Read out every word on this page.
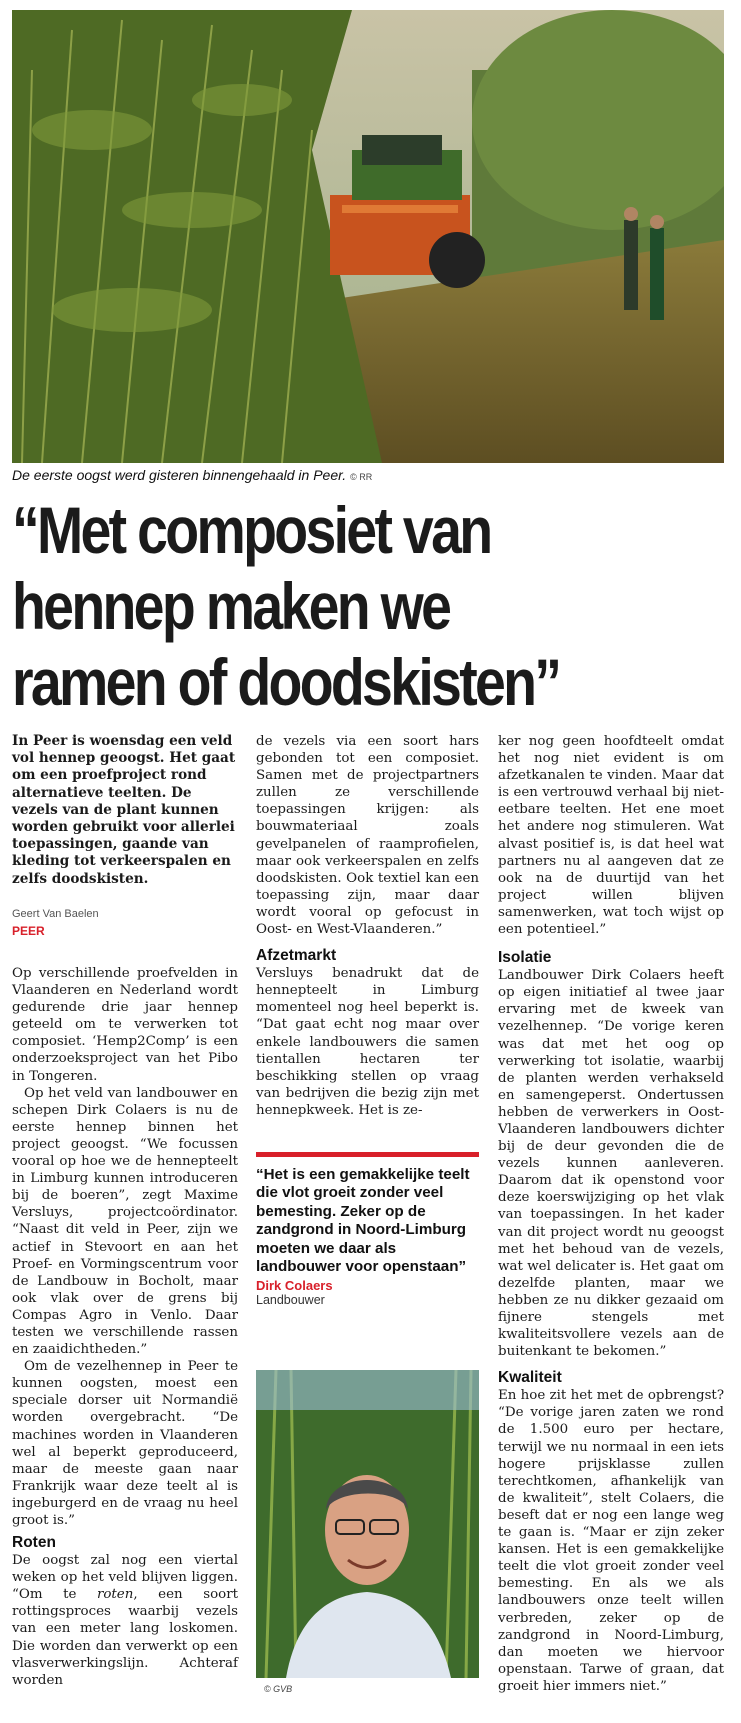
De eerste oogst werd gisteren binnengehaald in Peer. © RR
“Met composiet van
hennep maken we
ramen of doodskisten”

In Peer is woensdag een veld vol hennep geoogst. Het gaat om een proefproject rond alternatieve teelten. De vezels van de plant kunnen worden gebruikt voor allerlei toepassingen, gaande van kleding tot verkeerspalen en zelfs doodskisten.

Geert Van Baelen
PEER

Op verschillende proefvelden in Vlaanderen en Nederland wordt gedurende drie jaar hennep geteeld om te verwerken tot composiet. ‘Hemp2Comp’ is een onderzoeksproject van het Pibo in Tongeren.

Op het veld van landbouwer en schepen Dirk Colaers is nu de eerste hennep binnen het project geoogst. “We focussen vooral op hoe we de hennepteelt in Limburg kunnen introduceren bij de boeren”, zegt Maxime Versluys, projectcoördinator. “Naast dit veld in Peer, zijn we actief in Stevoort en aan het Proef- en Vormingscentrum voor de Landbouw in Bocholt, maar ook vlak over de grens bij Compas Agro in Venlo. Daar testen we verschillende rassen en zaaidichtheden.”

Om de vezelhennep in Peer te kunnen oogsten, moest een speciale dorser uit Normandië worden overgebracht. “De machines worden in Vlaanderen wel al beperkt geproduceerd, maar de meeste gaan naar Frankrijk waar deze teelt al is ingeburgerd en de vraag nu heel groot is.”

Roten

De oogst zal nog een viertal weken op het veld blijven liggen. “Om te roten, een soort rottingsproces waarbij vezels van een meter lang loskomen. Die worden dan verwerkt op een vlasverwerkingslijn. Achteraf worden

de vezels via een soort hars gebonden tot een composiet. Samen met de projectpartners zullen ze verschillende toepassingen krijgen: als bouwmateriaal zoals gevelpanelen of raamprofielen, maar ook verkeerspalen en zelfs doodskisten. Ook textiel kan een toepassing zijn, maar daar wordt vooral op gefocust in Oost- en West-Vlaanderen.”

Afzetmarkt

Versluys benadrukt dat de hennepteelt in Limburg momenteel nog heel beperkt is. “Dat gaat echt nog maar over enkele landbouwers die samen tientallen hectaren ter beschikking stellen op vraag van bedrijven die bezig zijn met hennepkweek. Het is ze-

“Het is een gemakkelijke teelt die vlot groeit zonder veel bemesting. Zeker op de zandgrond in Noord-Limburg moeten we daar als landbouwer voor openstaan”
Dirk Colaers
Landbouwer
© GVB

ker nog geen hoofdteelt omdat het nog niet evident is om afzetkanalen te vinden. Maar dat is een vertrouwd verhaal bij niet-eetbare teelten. Het ene moet het andere nog stimuleren. Wat alvast positief is, is dat heel wat partners nu al aangeven dat ze ook na de duurtijd van het project willen blijven samenwerken, wat toch wijst op een potentieel.”

Isolatie

Landbouwer Dirk Colaers heeft op eigen initiatief al twee jaar ervaring met de kweek van vezelhennep. “De vorige keren was dat met het oog op verwerking tot isolatie, waarbij de planten werden verhakseld en samengeperst. Ondertussen hebben de verwerkers in Oost-Vlaanderen landbouwers dichter bij de deur gevonden die de vezels kunnen aanleveren. Daarom dat ik openstond voor deze koerswijziging op het vlak van toepassingen. In het kader van dit project wordt nu geoogst met het behoud van de vezels, wat wel delicater is. Het gaat om dezelfde planten, maar we hebben ze nu dikker gezaaid om fijnere stengels met kwaliteitsvollere vezels aan de buitenkant te bekomen.”

Kwaliteit

En hoe zit het met de opbrengst? “De vorige jaren zaten we rond de 1.500 euro per hectare, terwijl we nu normaal in een iets hogere prijsklasse zullen terechtkomen, afhankelijk van de kwaliteit”, stelt Colaers, die beseft dat er nog een lange weg te gaan is. “Maar er zijn zeker kansen. Het is een gemakkelijke teelt die vlot groeit zonder veel bemesting. En als we als landbouwers onze teelt willen verbreden, zeker op de zandgrond in Noord-Limburg, dan moeten we hiervoor openstaan. Tarwe of graan, dat groeit hier immers niet.”
